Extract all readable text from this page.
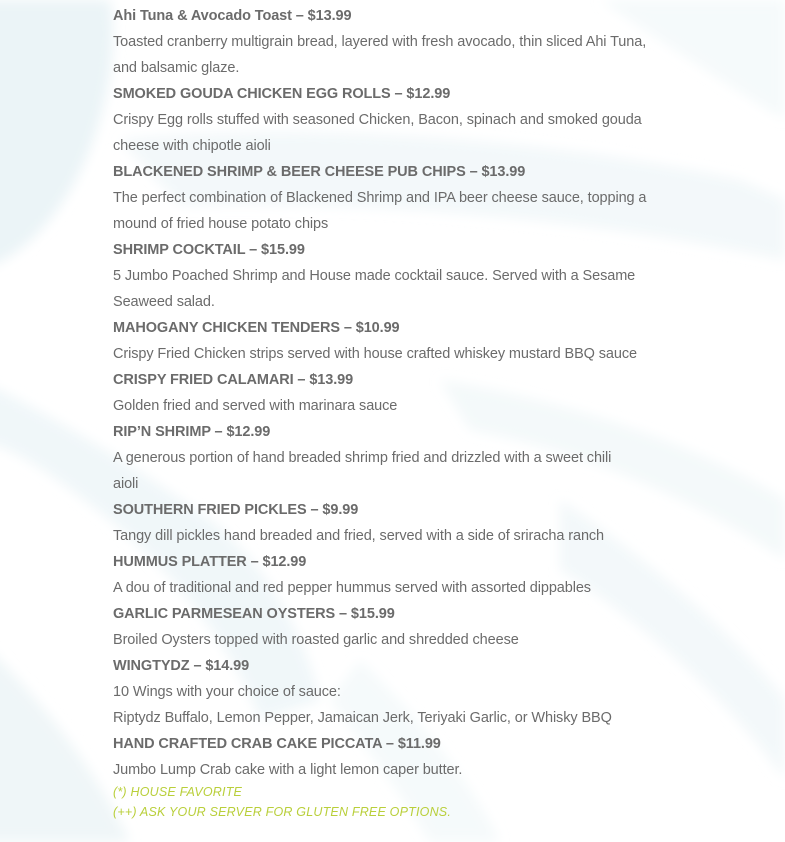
Ahi Tuna & Avocado Toast – $13.99

Toasted cranberry multigrain bread, layered with fresh avocado, thin sliced Ahi Tuna,

and balsamic glaze.

SMOKED GOUDA CHICKEN EGG ROLLS – $12.99

Crispy Egg rolls stuffed with seasoned Chicken, Bacon, spinach and smoked gouda

cheese with chipotle aioli

BLACKENED SHRIMP & BEER CHEESE PUB CHIPS – $13.99

The perfect combination of Blackened Shrimp and IPA beer cheese sauce, topping a

mound of fried house potato chips

SHRIMP COCKTAIL – $15.99

5 Jumbo Poached Shrimp and House made cocktail sauce. Served with a Sesame

Seaweed salad.

MAHOGANY CHICKEN TENDERS – $10.99

Crispy Fried Chicken strips served with house crafted whiskey mustard BBQ sauce

CRISPY FRIED CALAMARI – $13.99

Golden fried and served with marinara sauce

RIP’N SHRIMP – $12.99

A generous portion of hand breaded shrimp fried and drizzled with a sweet chili

aioli

SOUTHERN FRIED PICKLES – $9.99

Tangy dill pickles hand breaded and fried, served with a side of sriracha ranch

HUMMUS PLATTER – $12.99

A dou of traditional and red pepper hummus served with assorted dippables

GARLIC PARMESEAN OYSTERS – $15.99

Broiled Oysters topped with roasted garlic and shredded cheese

WINGTYDZ – $14.99

10 Wings with your choice of sauce:

Riptydz Buffalo, Lemon Pepper, Jamaican Jerk, Teriyaki Garlic, or Whisky BBQ

HAND CRAFTED CRAB CAKE PICCATA – $11.99

Jumbo Lump Crab cake with a light lemon caper butter.

(*) HOUSE FAVORITE
(++) ASK YOUR SERVER FOR GLUTEN FREE OPTIONS.
